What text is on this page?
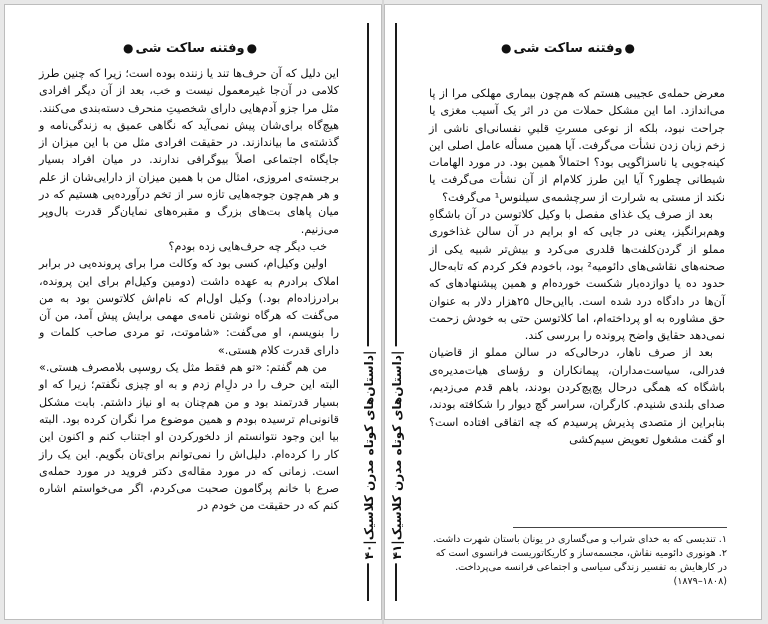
●وفتنه ساکت شی●

این دلیل که آن حرف‌ها تند یا زننده بوده است؛ زیرا که چنین طرز کلامی در آن‌جا غیرمعمول نیست و خب، بعد از آن دیگر افرادی مثل مرا جزو آدم‌هایی دارای شخصیتِ منحرف دسته‌بندی می‌کنند. هیچ‌گاه برای‌شان پیش نمی‌آید که نگاهی عمیق به زندگی‌نامه و گذشته‌ی ما بیاندازند. در حقیقت افرادی مثل من با این میزان از جایگاه اجتماعی اصلاً بیوگرافی ندارند. در میان افراد بسیار برجسته‌ی امروزی، امثال من با همین میزان از دارایی‌شان از علم و هر هم‌چون جوجه‌هایی تازه سر از تخم درآورده‌یی هستیم که در میان پاهای بت‌های بزرگ و مقبره‌های نمایان‌گر قدرت بال‌وپر می‌زنیم.

خب دیگر چه حرف‌هایی زده بودم؟

اولین وکیل‌ام، کسی بود که وکالت مرا برای پرونده‌یی در برابر املاک برادرم به عهده داشت (دومین وکیل‌ام برای این پرونده، برادرزاده‌ام بود.) وکیل اول‌ام که نام‌اش کلاتوسن بود به من می‌گفت که هرگاه نوشتن نامه‌ی مهمی برایش پیش آمد، من آن را بنویسم، او می‌گفت: «شاموتت، تو مردی صاحب کلمات و دارای قدرت کلام هستی.»

من هم گفتم: «تو هم فقط مثل یک روسپی بلامصرف هستی.» البته این حرف را در دلِ‌ام زدم و به او چیزی نگفتم؛ زیرا که او بسیار قدرتمند بود و من هم‌چنان به او نیاز داشتم. بابت مشکل قانونی‌ام ترسیده بودم و همین موضوع مرا نگران کرده بود. البته بیا این وجود نتوانستم از دلخورکردن او اجتناب کنم و اکنون این کار را کرده‌ام. دلیل‌اش را نمی‌توانم برای‌تان بگویم. این یک راز است. زمانی که در مورد مقاله‌ی دکتر فروید در مورد حمله‌ی صرع با خانم پرگامون صحبت می‌کردم، اگر می‌خواستم اشاره کنم که در حقیقت من خودم در

|داستان‌های کوتاه مدرن کلاسیک|۴۰
|داستان‌های کوتاه مدرن کلاسیک|۴۱
●وفتنه ساکت شی●

معرض حمله‌ی عجیبی هستم که هم‌چون بیماری مهلکی مرا از پا می‌اندازد. اما این مشکل حملات من در اثر یک آسیب مغزی یا جراحت نبود، بلکه از نوعی مسرتِ قلبیِ نفسانی‌ای ناشی از زخم زبان زدن نشأت می‌گرفت. آیا همین مسأله عامل اصلی این کینه‌جویی یا ناسزاگویی بود؟ احتمالاً همین بود. در مورد الهامات شیطانی چطور؟ آیا این طرز کلام‌ام از آن نشأت می‌گرفت یا نکند از مستی به شرارت از سرچشمه‌ی سیلنوس¹ می‌گرفت؟

بعد از صرف یک غذای مفصل با وکیل کلاتوسن در آن باشگاهِ وهم‌برانگیز، یعنی در جایی که او برایم در آن سالن غذاخوری مملو از گردن‌کلفت‌ها قلدری می‌کرد و بیش‌تر شبیه یکی از صحنه‌های نقاشی‌های دائومیه² بود، باخودم فکر کردم که تابه‌حال حدود ده یا دوازده‌بار شکست خورده‌ام و همین پیشنهادهای که آن‌ها در دادگاه درد شده است. باایں‌حال ۲۵هزار دلار به عنوان حق مشاوره به او پرداخته‌ام، اما کلاتوسن حتی به خودش زحمت نمی‌دهد حقایق واضح پرونده را بررسی کند.

بعد از صرف ناهار، درحالی‌که در سالن مملو از قاضیان فدرالی، سیاست‌مداران، پیمانکاران و رؤسای هیات‌مدیره‌ی باشگاه که همگی درحال پچ‌پچ‌کردن بودند، باهم قدم می‌زدیم، صدای بلندی شنیدم. کارگران، سراسر گچ دیوار را شکافته بودند، بنابراین از متصدی پذیرش پرسیدم که چه اتفاقی افتاده است؟ او گفت مشغول تعویض سیم‌کشی

۱. تندیسی که به خدای شراب و می‌گساری در یونان باستان شهرت داشت.

۲. هونوری دائومیه نقاش، مجسمه‌ساز و کاریکاتوریست فرانسوی است که در کارهایش به تفسیر زندگی سیاسی و اجتماعی فرانسه می‌پرداخت. (۱۸۰۸–۱۸۷۹)
